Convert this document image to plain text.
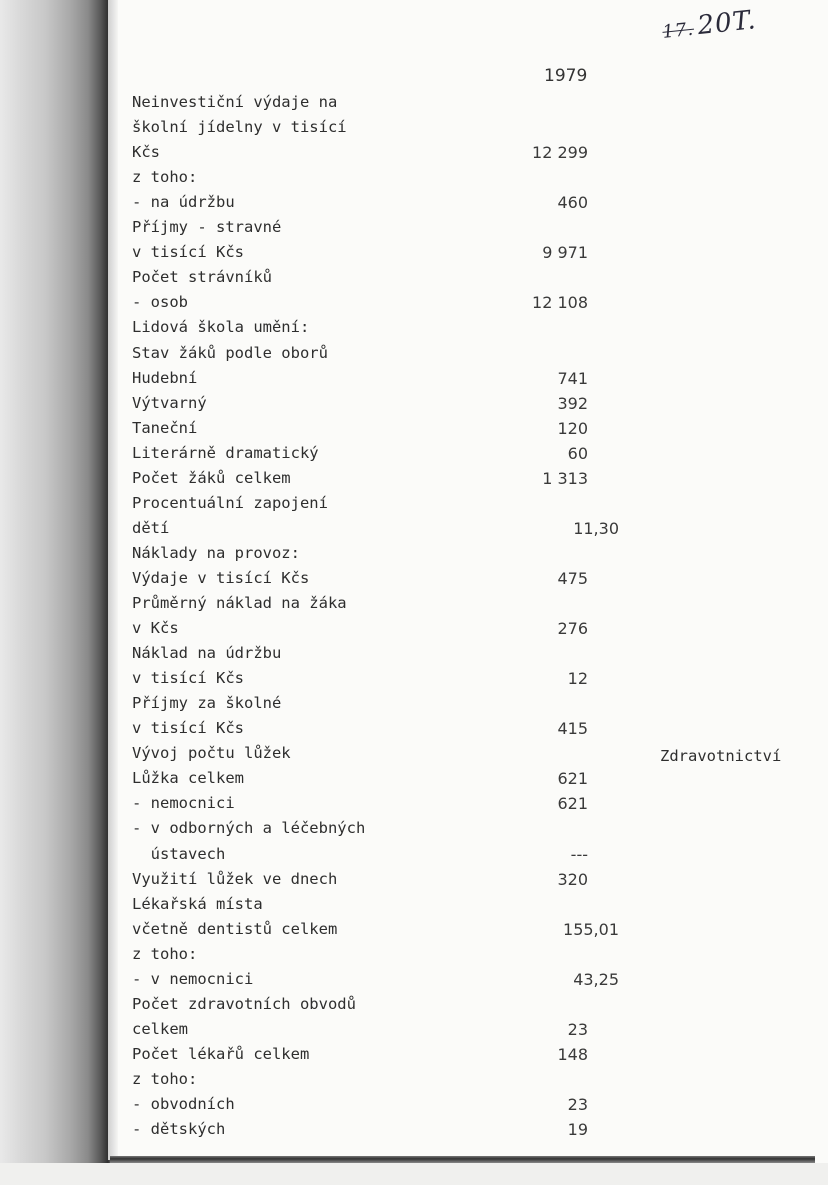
17.20T.
1979
Neinvestiční výdaje na
školní jídelny v tisící
Kčs	12 299
z toho:
- na údržbu	460
Příjmy - stravné
v tisící Kčs	9 971
Počet strávníků
- osob	12 108
Lidová škola umění:
Stav žáků podle oborů
Hudební	741
Výtvarný	392
Taneční	120
Literárně dramatický	60
Počet žáků celkem	1 313
Procentuální zapojení
dětí	11,30
Náklady na provoz:
Výdaje v tisící Kčs	475
Průměrný náklad na žáka
v Kčs	276
Náklad na údržbu
v tisící Kčs	12
Příjmy za školné
v tisící Kčs	415
Vývoj počtu lůžek
Lůžka celkem	621
- nemocnici	621
- v odborných a léčebných
ústavech	---
Využití lůžek ve dnech	320
Lékařská místa
včetně dentistů celkem	155,01
z toho:
- v nemocnici	43,25
Počet zdravotních obvodů
celkem	23
Počet lékařů celkem	148
z toho:
- obvodních	23
- dětských	19
Zdravotnictví
